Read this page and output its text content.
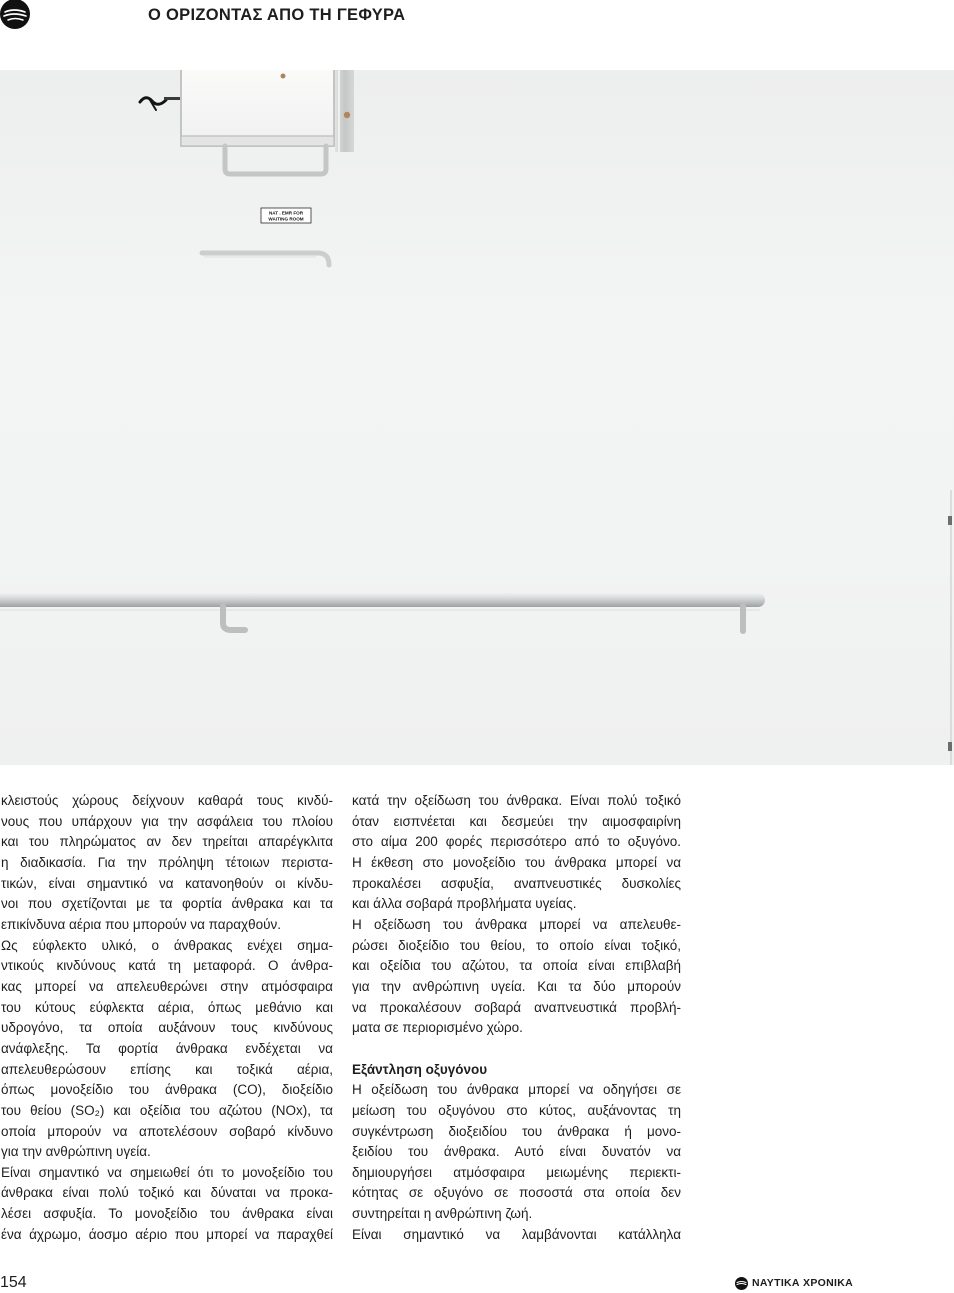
Ο ΟΡΙΖΟΝΤΑΣ ΑΠΟ ΤΗ ΓΕΦΥΡΑ
NAT . EMR FOR
WAITING ROOM
κλειστούς χώρους δείχνουν καθαρά τους κινδύ-
νους που υπάρχουν για την ασφάλεια του πλοίου
και του πληρώματος αν δεν τηρείται απαρέγκλιτα
η διαδικασία. Για την πρόληψη τέτοιων περιστα-
τικών, είναι σημαντικό να κατανοηθούν οι κίνδυ-
νοι που σχετίζονται με τα φορτία άνθρακα και τα
επικίνδυνα αέρια που μπορούν να παραχθούν.
Ως εύφλεκτο υλικό, ο άνθρακας ενέχει σημα-
ντικούς κινδύνους κατά τη μεταφορά. Ο άνθρα-
κας μπορεί να απελευθερώνει στην ατμόσφαιρα
του κύτους εύφλεκτα αέρια, όπως μεθάνιο και
υδρογόνο, τα οποία αυξάνουν τους κινδύνους
ανάφλεξης. Τα φορτία άνθρακα ενδέχεται να
απελευθερώσουν επίσης και τοξικά αέρια,
όπως μονοξείδιο του άνθρακα (CO), διοξείδιο
του θείου (SO₂) και οξείδια του αζώτου (NOx), τα
οποία μπορούν να αποτελέσουν σοβαρό κίνδυνο
για την ανθρώπινη υγεία.
Είναι σημαντικό να σημειωθεί ότι το μονοξείδιο του
άνθρακα είναι πολύ τοξικό και δύναται να προκα-
λέσει ασφυξία. Το μονοξείδιο του άνθρακα είναι
ένα άχρωμο, άοσμο αέριο που μπορεί να παραχθεί
κατά την οξείδωση του άνθρακα. Είναι πολύ τοξικό
όταν εισπνέεται και δεσμεύει την αιμοσφαιρίνη
στο αίμα 200 φορές περισσότερο από το οξυγόνο.
Η έκθεση στο μονοξείδιο του άνθρακα μπορεί να
προκαλέσει ασφυξία, αναπνευστικές δυσκολίες
και άλλα σοβαρά προβλήματα υγείας.
Η οξείδωση του άνθρακα μπορεί να απελευθε-
ρώσει διοξείδιο του θείου, το οποίο είναι τοξικό,
και οξείδια του αζώτου, τα οποία είναι επιβλαβή
για την ανθρώπινη υγεία. Και τα δύο μπορούν
να προκαλέσουν σοβαρά αναπνευστικά προβλή-
ματα σε περιορισμένο χώρο.
Εξάντληση οξυγόνου
Η οξείδωση του άνθρακα μπορεί να οδηγήσει σε
μείωση του οξυγόνου στο κύτος, αυξάνοντας τη
συγκέντρωση διοξειδίου του άνθρακα ή μονο-
ξειδίου του άνθρακα. Αυτό είναι δυνατόν να
δημιουργήσει ατμόσφαιρα μειωμένης περιεκτι-
κότητας σε οξυγόνο σε ποσοστά στα οποία δεν
συντηρείται η ανθρώπινη ζωή.
Είναι σημαντικό να λαμβάνονται κατάλληλα
154	ΝΑΥΤΙΚΑ ΧΡΟΝΙΚΑ
